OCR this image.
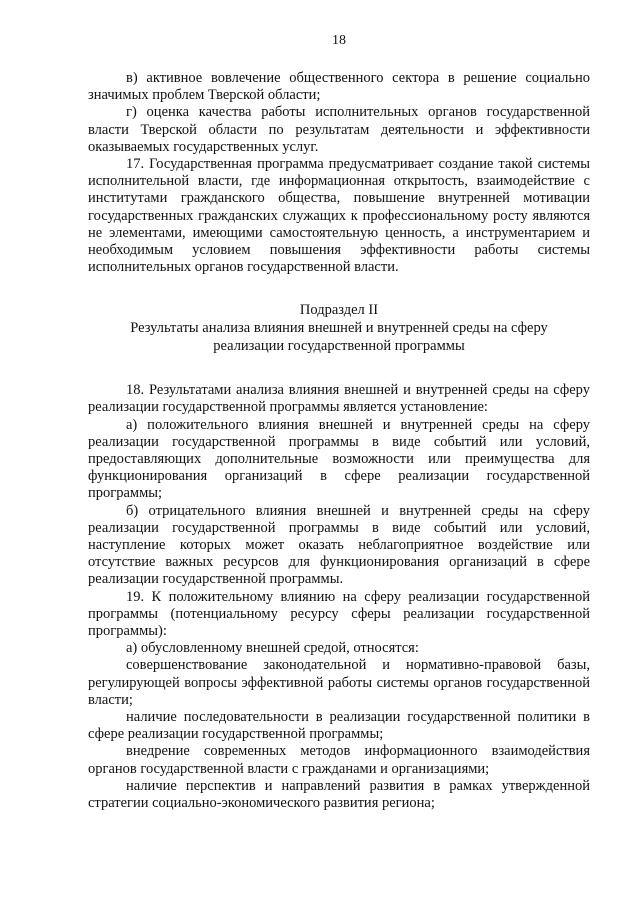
18

в) активное вовлечение общественного сектора в решение социально значимых проблем Тверской области;

г) оценка качества работы исполнительных органов государственной власти Тверской области по результатам деятельности и эффективности оказываемых государственных услуг.

17. Государственная программа предусматривает создание такой системы исполнительной власти, где информационная открытость, взаимодействие с институтами гражданского общества, повышение внутренней мотивации государственных гражданских служащих к профессиональному росту являются не элементами, имеющими самостоятельную ценность, а инструментарием и необходимым условием повышения эффективности работы системы исполнительных органов государственной власти.

Подраздел II

Результаты анализа влияния внешней и внутренней среды на сферу

реализации государственной программы

18. Результатами анализа влияния внешней и внутренней среды на сферу реализации государственной программы является установление:

а) положительного влияния внешней и внутренней среды на сферу реализации государственной программы в виде событий или условий, предоставляющих дополнительные возможности или преимущества для функционирования организаций в сфере реализации государственной программы;

б) отрицательного влияния внешней и внутренней среды на сферу реализации государственной программы в виде событий или условий, наступление которых может оказать неблагоприятное воздействие или отсутствие важных ресурсов для функционирования организаций в сфере реализации государственной программы.

19. К положительному влиянию на сферу реализации государственной программы (потенциальному ресурсу сферы реализации государственной программы):

а) обусловленному внешней средой, относятся:

совершенствование законодательной и нормативно-правовой базы, регулирующей вопросы эффективной работы системы органов государственной власти;

наличие последовательности в реализации государственной политики в сфере реализации государственной программы;

внедрение современных методов информационного взаимодействия органов государственной власти с гражданами и организациями;

наличие перспектив и направлений развития в рамках утвержденной стратегии социально-экономического развития региона;
